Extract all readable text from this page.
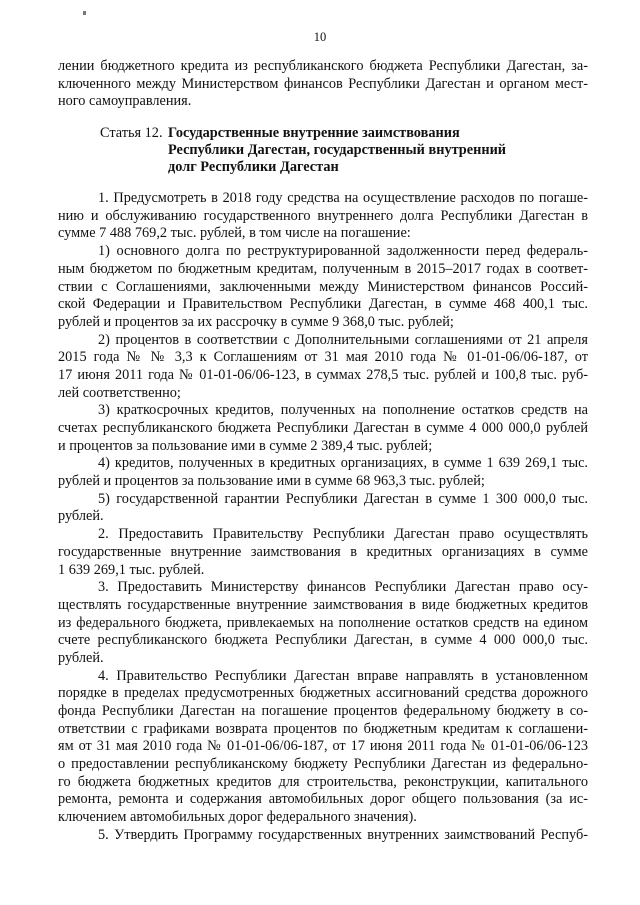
10
лении бюджетного кредита из республиканского бюджета Республики Дагестан, за-
ключенного между Министерством финансов Республики Дагестан и органом мест-
ного самоуправления.
Статья 12. Государственные внутренние заимствования
Республики Дагестан, государственный внутренний
долг Республики Дагестан
1. Предусмотреть в 2018 году средства на осуществление расходов по погаше-
нию и обслуживанию государственного внутреннего долга Республики Дагестан в
сумме 7 488 769,2 тыс. рублей, в том числе на погашение:
1) основного долга по реструктурированной задолженности перед федераль-
ным бюджетом по бюджетным кредитам, полученным в 2015–2017 годах в соответ-
ствии с Соглашениями, заключенными между Министерством финансов Россий-
ской Федерации и Правительством Республики Дагестан, в сумме 468 400,1 тыс.
рублей и процентов за их рассрочку в сумме 9 368,0 тыс. рублей;
2) процентов в соответствии с Дополнительными соглашениями от 21 апреля
2015 года № № 3,3 к Соглашениям от 31 мая 2010 года № 01-01-06/06-187, от
17 июня 2011 года № 01-01-06/06-123, в суммах 278,5 тыс. рублей и 100,8 тыс. руб-
лей соответственно;
3) краткосрочных кредитов, полученных на пополнение остатков средств на
счетах республиканского бюджета Республики Дагестан в сумме 4 000 000,0 рублей
и процентов за пользование ими в сумме 2 389,4 тыс. рублей;
4) кредитов, полученных в кредитных организациях, в сумме 1 639 269,1 тыс.
рублей и процентов за пользование ими в сумме 68 963,3 тыс. рублей;
5) государственной гарантии Республики Дагестан в сумме 1 300 000,0 тыс.
рублей.
2. Предоставить Правительству Республики Дагестан право осуществлять
государственные внутренние заимствования в кредитных организациях в сумме
1 639 269,1 тыс. рублей.
3. Предоставить Министерству финансов Республики Дагестан право осу-
ществлять государственные внутренние заимствования в виде бюджетных кредитов
из федерального бюджета, привлекаемых на пополнение остатков средств на едином
счете республиканского бюджета Республики Дагестан, в сумме 4 000 000,0 тыс.
рублей.
4. Правительство Республики Дагестан вправе направлять в установленном
порядке в пределах предусмотренных бюджетных ассигнований средства дорожного
фонда Республики Дагестан на погашение процентов федеральному бюджету в со-
ответствии с графиками возврата процентов по бюджетным кредитам к соглашени-
ям от 31 мая 2010 года № 01-01-06/06-187, от 17 июня 2011 года № 01-01-06/06-123
о предоставлении республиканскому бюджету Республики Дагестан из федерально-
го бюджета бюджетных кредитов для строительства, реконструкции, капитального
ремонта, ремонта и содержания автомобильных дорог общего пользования (за ис-
ключением автомобильных дорог федерального значения).
5. Утвердить Программу государственных внутренних заимствований Респуб-
